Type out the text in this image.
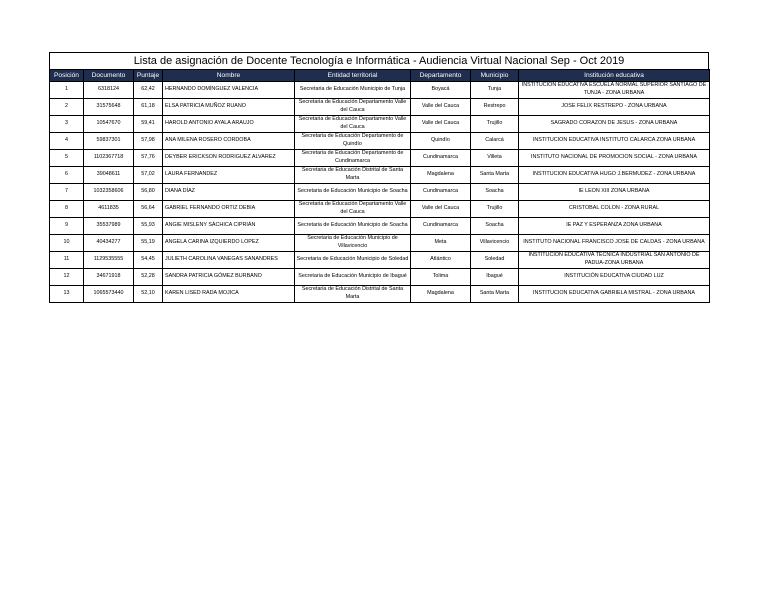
Lista de asignación de Docente Tecnología e Informática - Audiencia Virtual Nacional Sep - Oct 2019
Posición	Documento	Puntaje	Nombre	Entidad territorial	Departamento	Municipio	Institución educativa
1	6318124	62,42	HERNANDO DOMÍNGUEZ VALENCIA	Secretaria de Educación Municipio de Tunja	Boyacá	Tunja	INSTITUCION EDUCATIVA ESCUELA NORMAL SUPERIOR SANTIAGO DE TUNJA - ZONA URBANA
2	31575648	61,18	ELSA PATRICIA MUÑOZ RUANO	Secretaria de Educación Departamento Valle del Cauca	Valle del Cauca	Restrepo	JOSE FELIX RESTREPO - ZONA URBANA
3	10547670	59,41	HAROLD ANTONIO AYALA ARAUJO	Secretaria de Educación Departamento Valle del Cauca	Valle del Cauca	Trujillo	SAGRADO CORAZON DE JESUS - ZONA URBANA
4	59837301	57,98	ANA MILENA ROSERO CORDOBA	Secretaria de Educación Departamento de Quindío	Quindío	Calarcá	INSTITUCION EDUCATIVA INSTITUTO CALARCA ZONA URBANA
5	1102367718	57,76	DEYBER ERICKSON RODRIGUEZ ALVAREZ	Secretaria de Educación Departamento de Cundinamarca	Cundinamarca	Villeta	INSTITUTO NACIONAL DE PROMOCION SOCIAL - ZONA URBANA
6	39048611	57,02	LAURA FERNANDEZ	Secretaria de Educación Distrital de Santa Marta	Magdalena	Santa Marta	INSTITUCION EDUCATIVA HUGO J.BERMUDEZ - ZONA URBANA
7	1032358606	56,80	DIANA DÍAZ	Secretaria de Educación Municipio de Soacha	Cundinamarca	Soacha	IE LEON XIII ZONA URBANA
8	4611835	56,64	GABRIEL FERNANDO ORTIZ DEBIA	Secretaria de Educación Departamento Valle del Cauca	Valle del Cauca	Trujillo	CRISTOBAL COLON - ZONA RURAL
9	35537989	55,93	ANGIE MISLENY SÁCHICA CIPRIÁN	Secretaria de Educación Municipio de Soacha	Cundinamarca	Soacha	IE PAZ Y ESPERANZA ZONA URBANA
10	40434277	55,19	ANGELA CARINA IZQUIERDO LOPEZ	Secretaria de Educación Municipio de Villavicencio	Meta	Villavicencio	INSTITUTO NACIONAL FRANCISCO JOSE DE CALDAS - ZONA URBANA
11	1129535555	54,45	JULIETH CAROLINA VANEGAS SANANDRES	Secretaria de Educación Municipio de Soledad	Atlántico	Soledad	INSTITUCION EDUCATIVA TECNICA INDUSTRIAL SAN ANTONIO DE PADUA-ZONA URBANA
12	34671918	52,28	SANDRA PATRICIA GÓMEZ BURBANO	Secretaria de Educación Municipio de Ibagué	Tolima	Ibagué	INSTITUCIÓN EDUCATIVA CIUDAD LUZ
13	1065573440	52,10	KAREN LISED RADA MOJICA	Secretaria de Educación Distrital de Santa Marta	Magdalena	Santa Marta	INSTITUCION EDUCATIVA GABRIELA MISTRAL - ZONA URBANA
